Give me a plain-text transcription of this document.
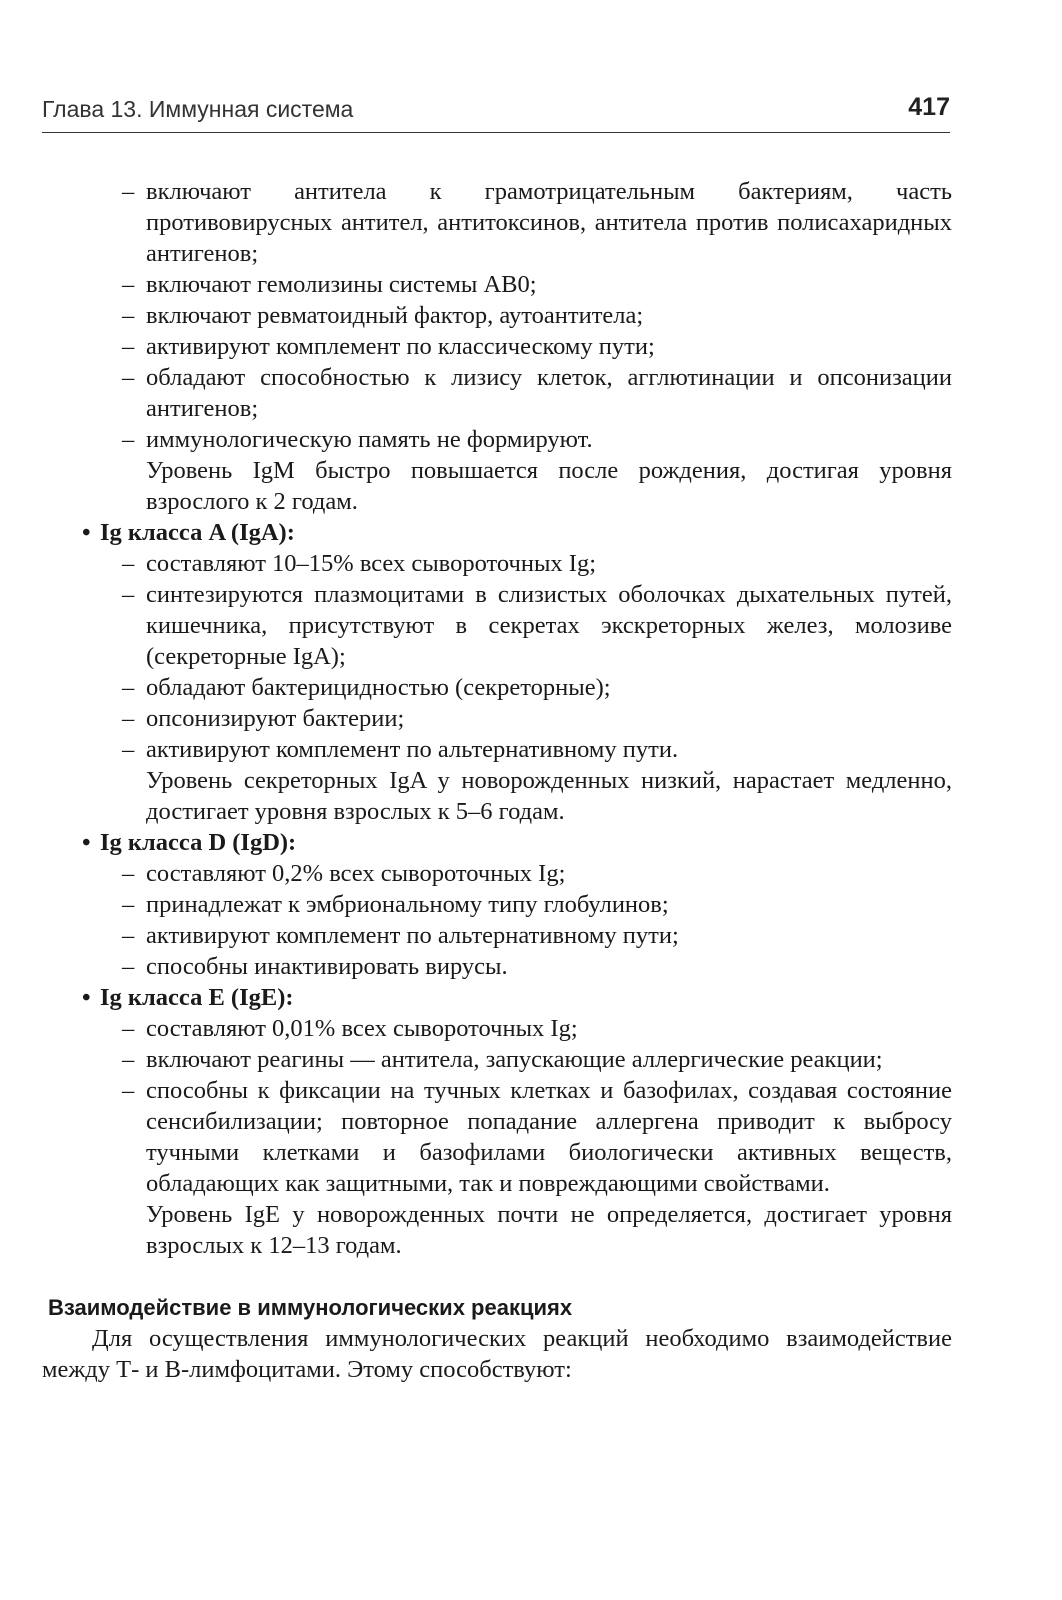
Глава 13. Иммунная система	417
– включают антитела к грамотрицательным бактериям, часть противовирусных антител, антитоксинов, антитела против полисахаридных антигенов;
– включают гемолизины системы АВ0;
– включают ревматоидный фактор, аутоантитела;
– активируют комплемент по классическому пути;
– обладают способностью к лизису клеток, агглютинации и опсонизации антигенов;
– иммунологическую память не формируют.
Уровень IgM быстро повышается после рождения, достигая уровня взрослого к 2 годам.
• Ig класса A (IgA):
– составляют 10–15% всех сывороточных Ig;
– синтезируются плазмоцитами в слизистых оболочках дыхательных путей, кишечника, присутствуют в секретах экскреторных желез, молозиве (секреторные IgA);
– обладают бактерицидностью (секреторные);
– опсонизируют бактерии;
– активируют комплемент по альтернативному пути.
Уровень секреторных IgA у новорожденных низкий, нарастает медленно, достигает уровня взрослых к 5–6 годам.
• Ig класса D (IgD):
– составляют 0,2% всех сывороточных Ig;
– принадлежат к эмбриональному типу глобулинов;
– активируют комплемент по альтернативному пути;
– способны инактивировать вирусы.
• Ig класса E (IgE):
– составляют 0,01% всех сывороточных Ig;
– включают реагины — антитела, запускающие аллергические реакции;
– способны к фиксации на тучных клетках и базофилах, создавая состояние сенсибилизации; повторное попадание аллергена приводит к выбросу тучными клетками и базофилами биологически активных веществ, обладающих как защитными, так и повреждающими свойствами.
Уровень IgE у новорожденных почти не определяется, достигает уровня взрослых к 12–13 годам.
Взаимодействие в иммунологических реакциях
Для осуществления иммунологических реакций необходимо взаимодействие между Т- и В-лимфоцитами. Этому способствуют:
